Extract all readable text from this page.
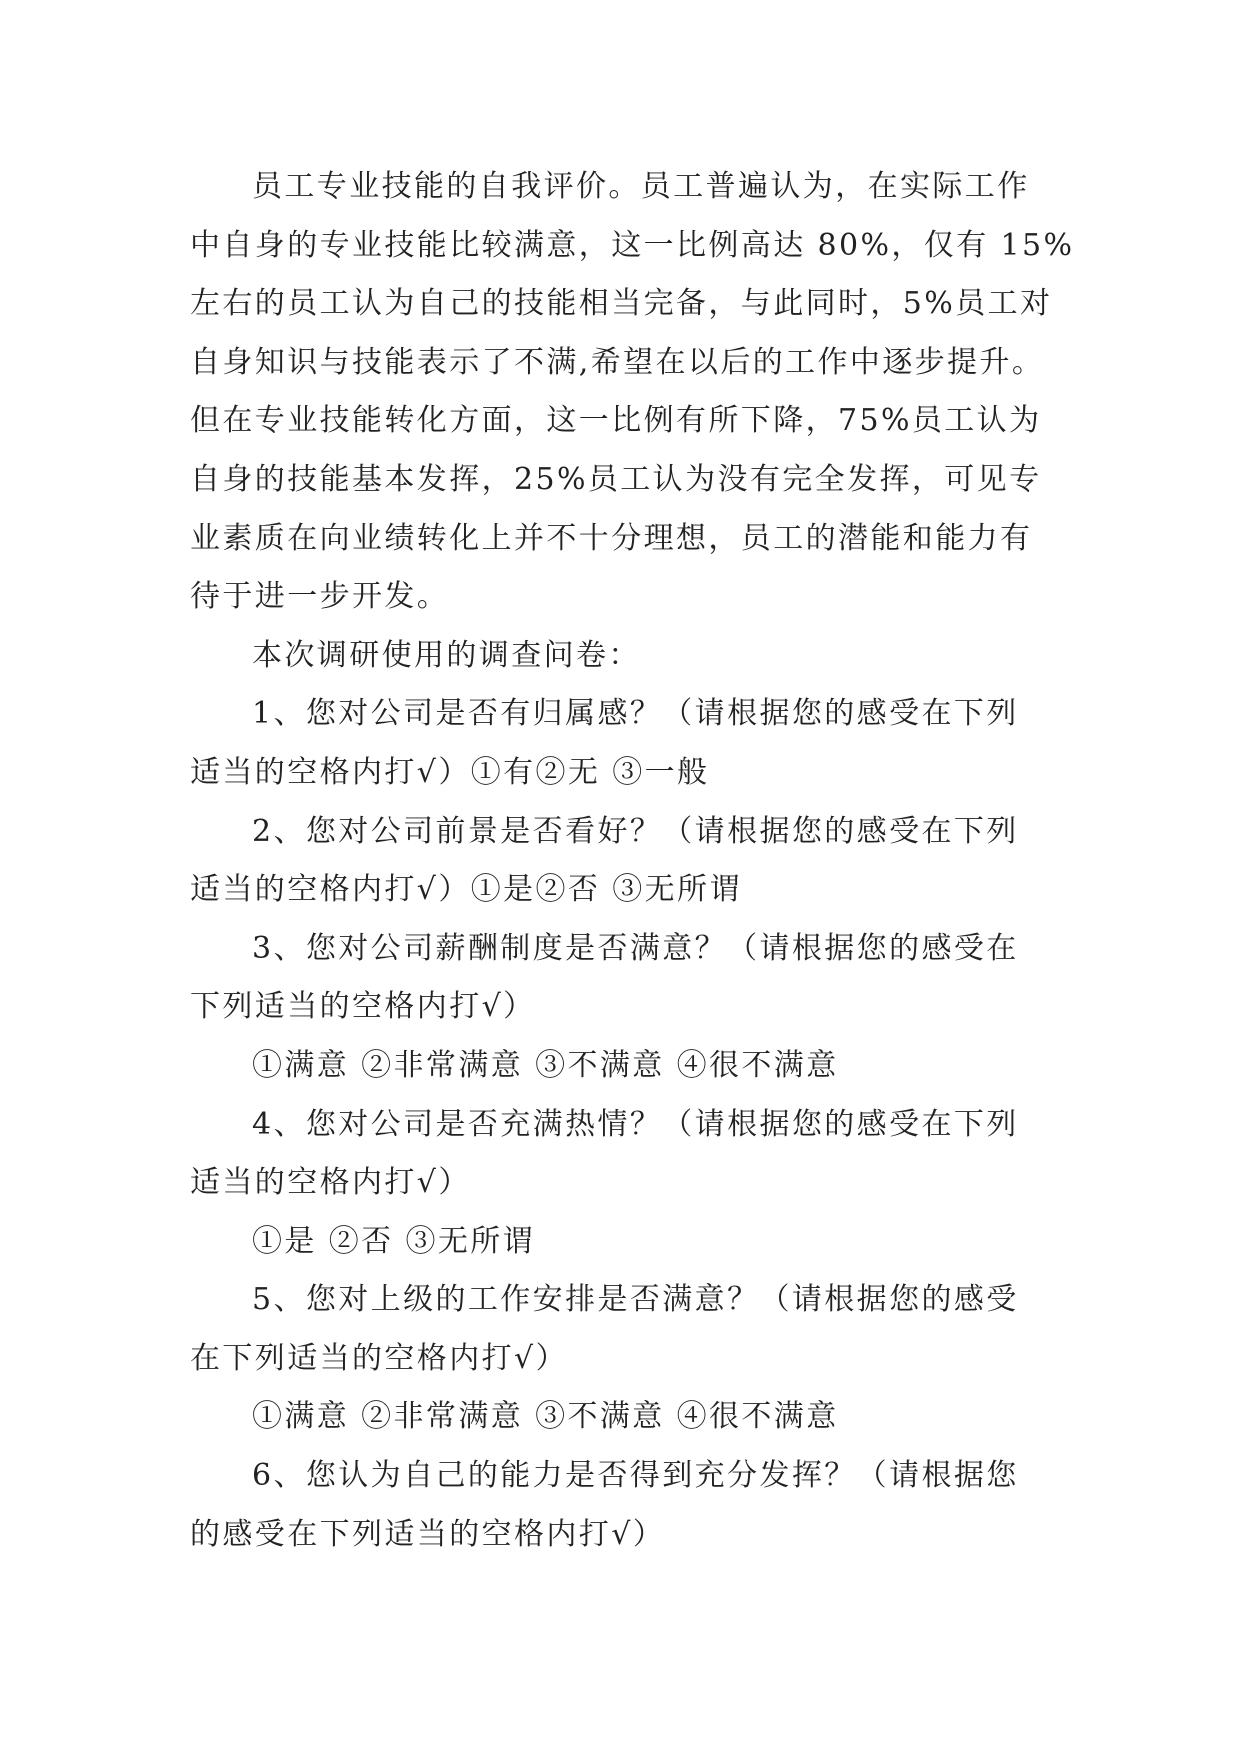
员工专业技能的自我评价。员工普遍认为，在实际工作
中自身的专业技能比较满意，这一比例高达 80%，仅有 15%
左右的员工认为自己的技能相当完备，与此同时，5%员工对
自身知识与技能表示了不满,希望在以后的工作中逐步提升。
但在专业技能转化方面，这一比例有所下降，75%员工认为
自身的技能基本发挥，25%员工认为没有完全发挥，可见专
业素质在向业绩转化上并不十分理想，员工的潜能和能力有
待于进一步开发。
本次调研使用的调查问卷：
1、您对公司是否有归属感？（请根据您的感受在下列
适当的空格内打√）①有②无 ③一般
2、您对公司前景是否看好？（请根据您的感受在下列
适当的空格内打√）①是②否 ③无所谓
3、您对公司薪酬制度是否满意？（请根据您的感受在
下列适当的空格内打√）
①满意 ②非常满意 ③不满意 ④很不满意
4、您对公司是否充满热情？（请根据您的感受在下列
适当的空格内打√）
①是 ②否 ③无所谓
5、您对上级的工作安排是否满意？（请根据您的感受
在下列适当的空格内打√）
①满意 ②非常满意 ③不满意 ④很不满意
6、您认为自己的能力是否得到充分发挥？（请根据您
的感受在下列适当的空格内打√）
